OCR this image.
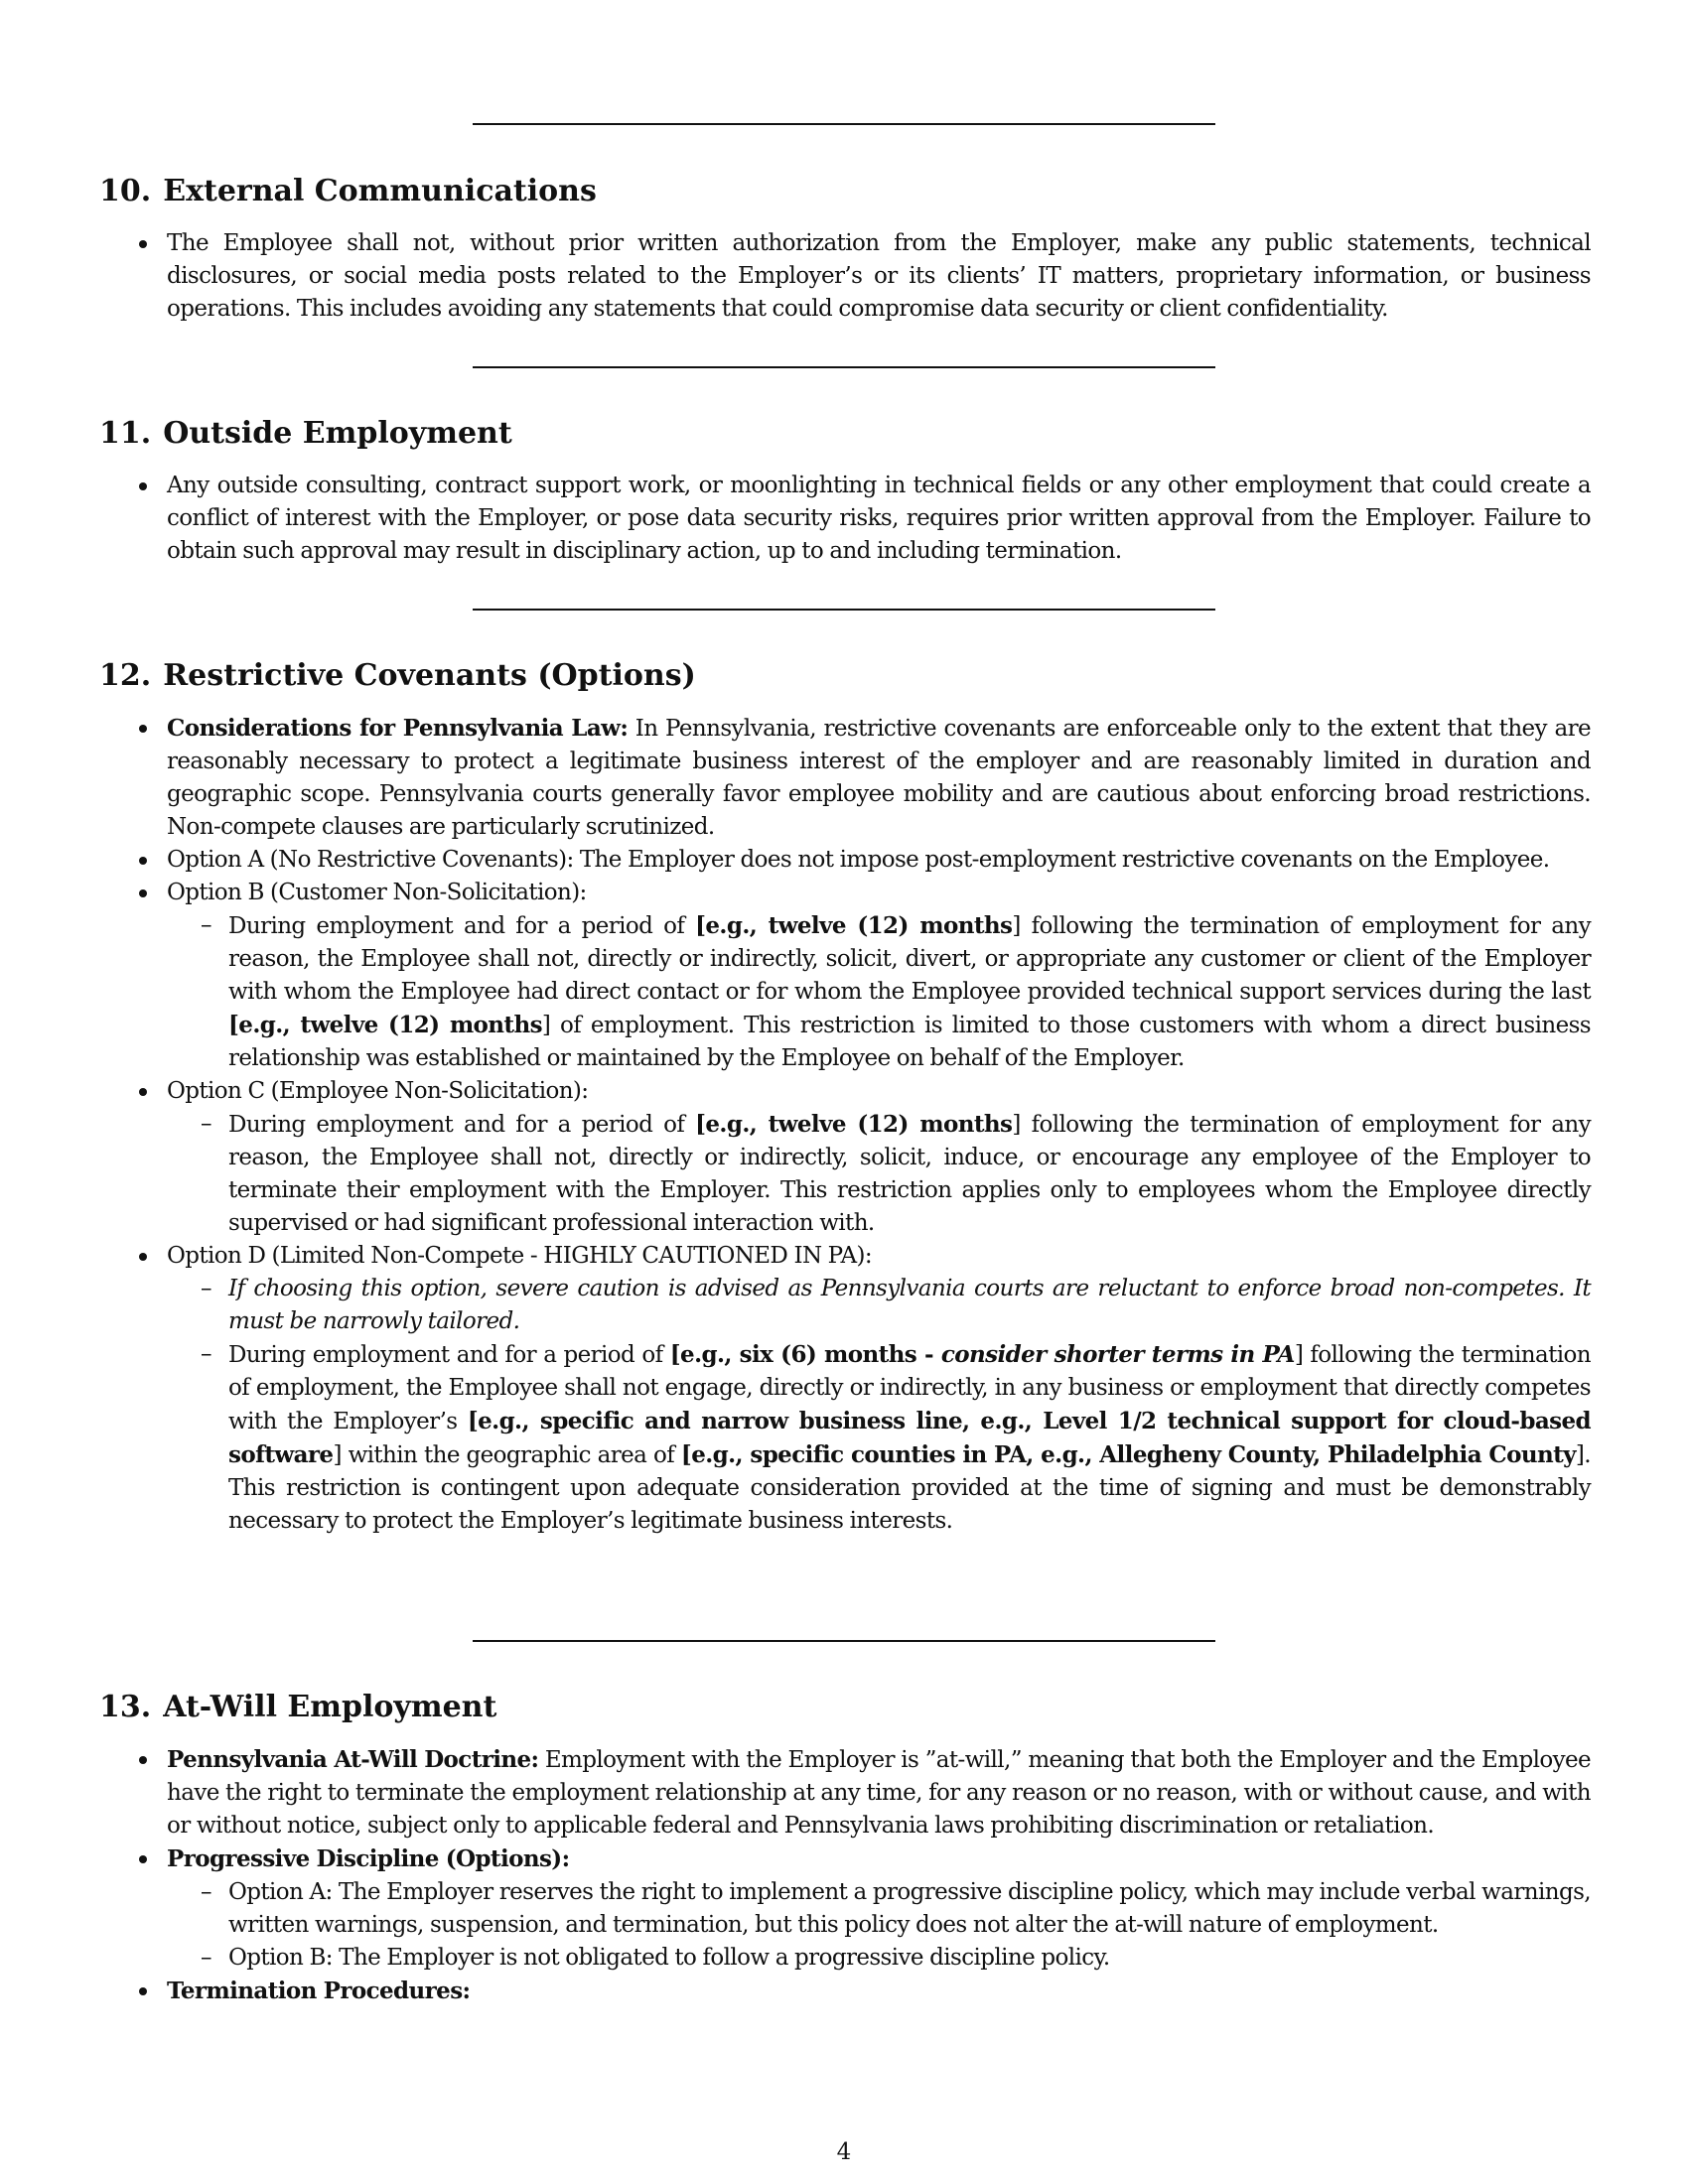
10. External Communications
The Employee shall not, without prior written authorization from the Employer, make any public statements, technical disclosures, or social media posts related to the Employer’s or its clients’ IT matters, proprietary information, or business operations. This includes avoiding any statements that could compromise data security or client confidentiality.
11. Outside Employment
Any outside consulting, contract support work, or moonlighting in technical fields or any other employment that could create a conflict of interest with the Employer, or pose data security risks, requires prior written approval from the Employer. Failure to obtain such approval may result in disciplinary action, up to and including termination.
12. Restrictive Covenants (Options)
Considerations for Pennsylvania Law: In Pennsylvania, restrictive covenants are enforceable only to the extent that they are reasonably necessary to protect a legitimate business interest of the employer and are reasonably limited in duration and geographic scope. Pennsylvania courts generally favor employee mobility and are cautious about enforcing broad restrictions. Non-compete clauses are particularly scrutinized.
Option A (No Restrictive Covenants): The Employer does not impose post-employment restrictive covenants on the Employee.
Option B (Customer Non-Solicitation):
– During employment and for a period of [e.g., twelve (12) months] following the termination of employment for any reason, the Employee shall not, directly or indirectly, solicit, divert, or appropriate any customer or client of the Employer with whom the Employee had direct contact or for whom the Employee provided technical support services during the last [e.g., twelve (12) months] of employment. This restriction is limited to those customers with whom a direct business relationship was established or maintained by the Employee on behalf of the Employer.
Option C (Employee Non-Solicitation):
– During employment and for a period of [e.g., twelve (12) months] following the termination of employment for any reason, the Employee shall not, directly or indirectly, solicit, induce, or encourage any employee of the Employer to terminate their employment with the Employer. This restriction applies only to employees whom the Employee directly supervised or had significant professional interaction with.
Option D (Limited Non-Compete - HIGHLY CAUTIONED IN PA):
– If choosing this option, severe caution is advised as Pennsylvania courts are reluctant to enforce broad non-competes. It must be narrowly tailored.
– During employment and for a period of [e.g., six (6) months - consider shorter terms in PA] following the termination of employment, the Employee shall not engage, directly or indirectly, in any business or employment that directly competes with the Employer’s [e.g., specific and narrow business line, e.g., Level 1/2 technical support for cloud-based software] within the geographic area of [e.g., specific counties in PA, e.g., Allegheny County, Philadelphia County]. This restriction is contingent upon adequate consideration provided at the time of signing and must be demonstrably necessary to protect the Employer’s legitimate business interests.
13. At-Will Employment
Pennsylvania At-Will Doctrine: Employment with the Employer is ”at-will,” meaning that both the Employer and the Employee have the right to terminate the employment relationship at any time, for any reason or no reason, with or without cause, and with or without notice, subject only to applicable federal and Pennsylvania laws prohibiting discrimination or retaliation.
Progressive Discipline (Options):
– Option A: The Employer reserves the right to implement a progressive discipline policy, which may include verbal warnings, written warnings, suspension, and termination, but this policy does not alter the at-will nature of employment.
– Option B: The Employer is not obligated to follow a progressive discipline policy.
Termination Procedures:
4
